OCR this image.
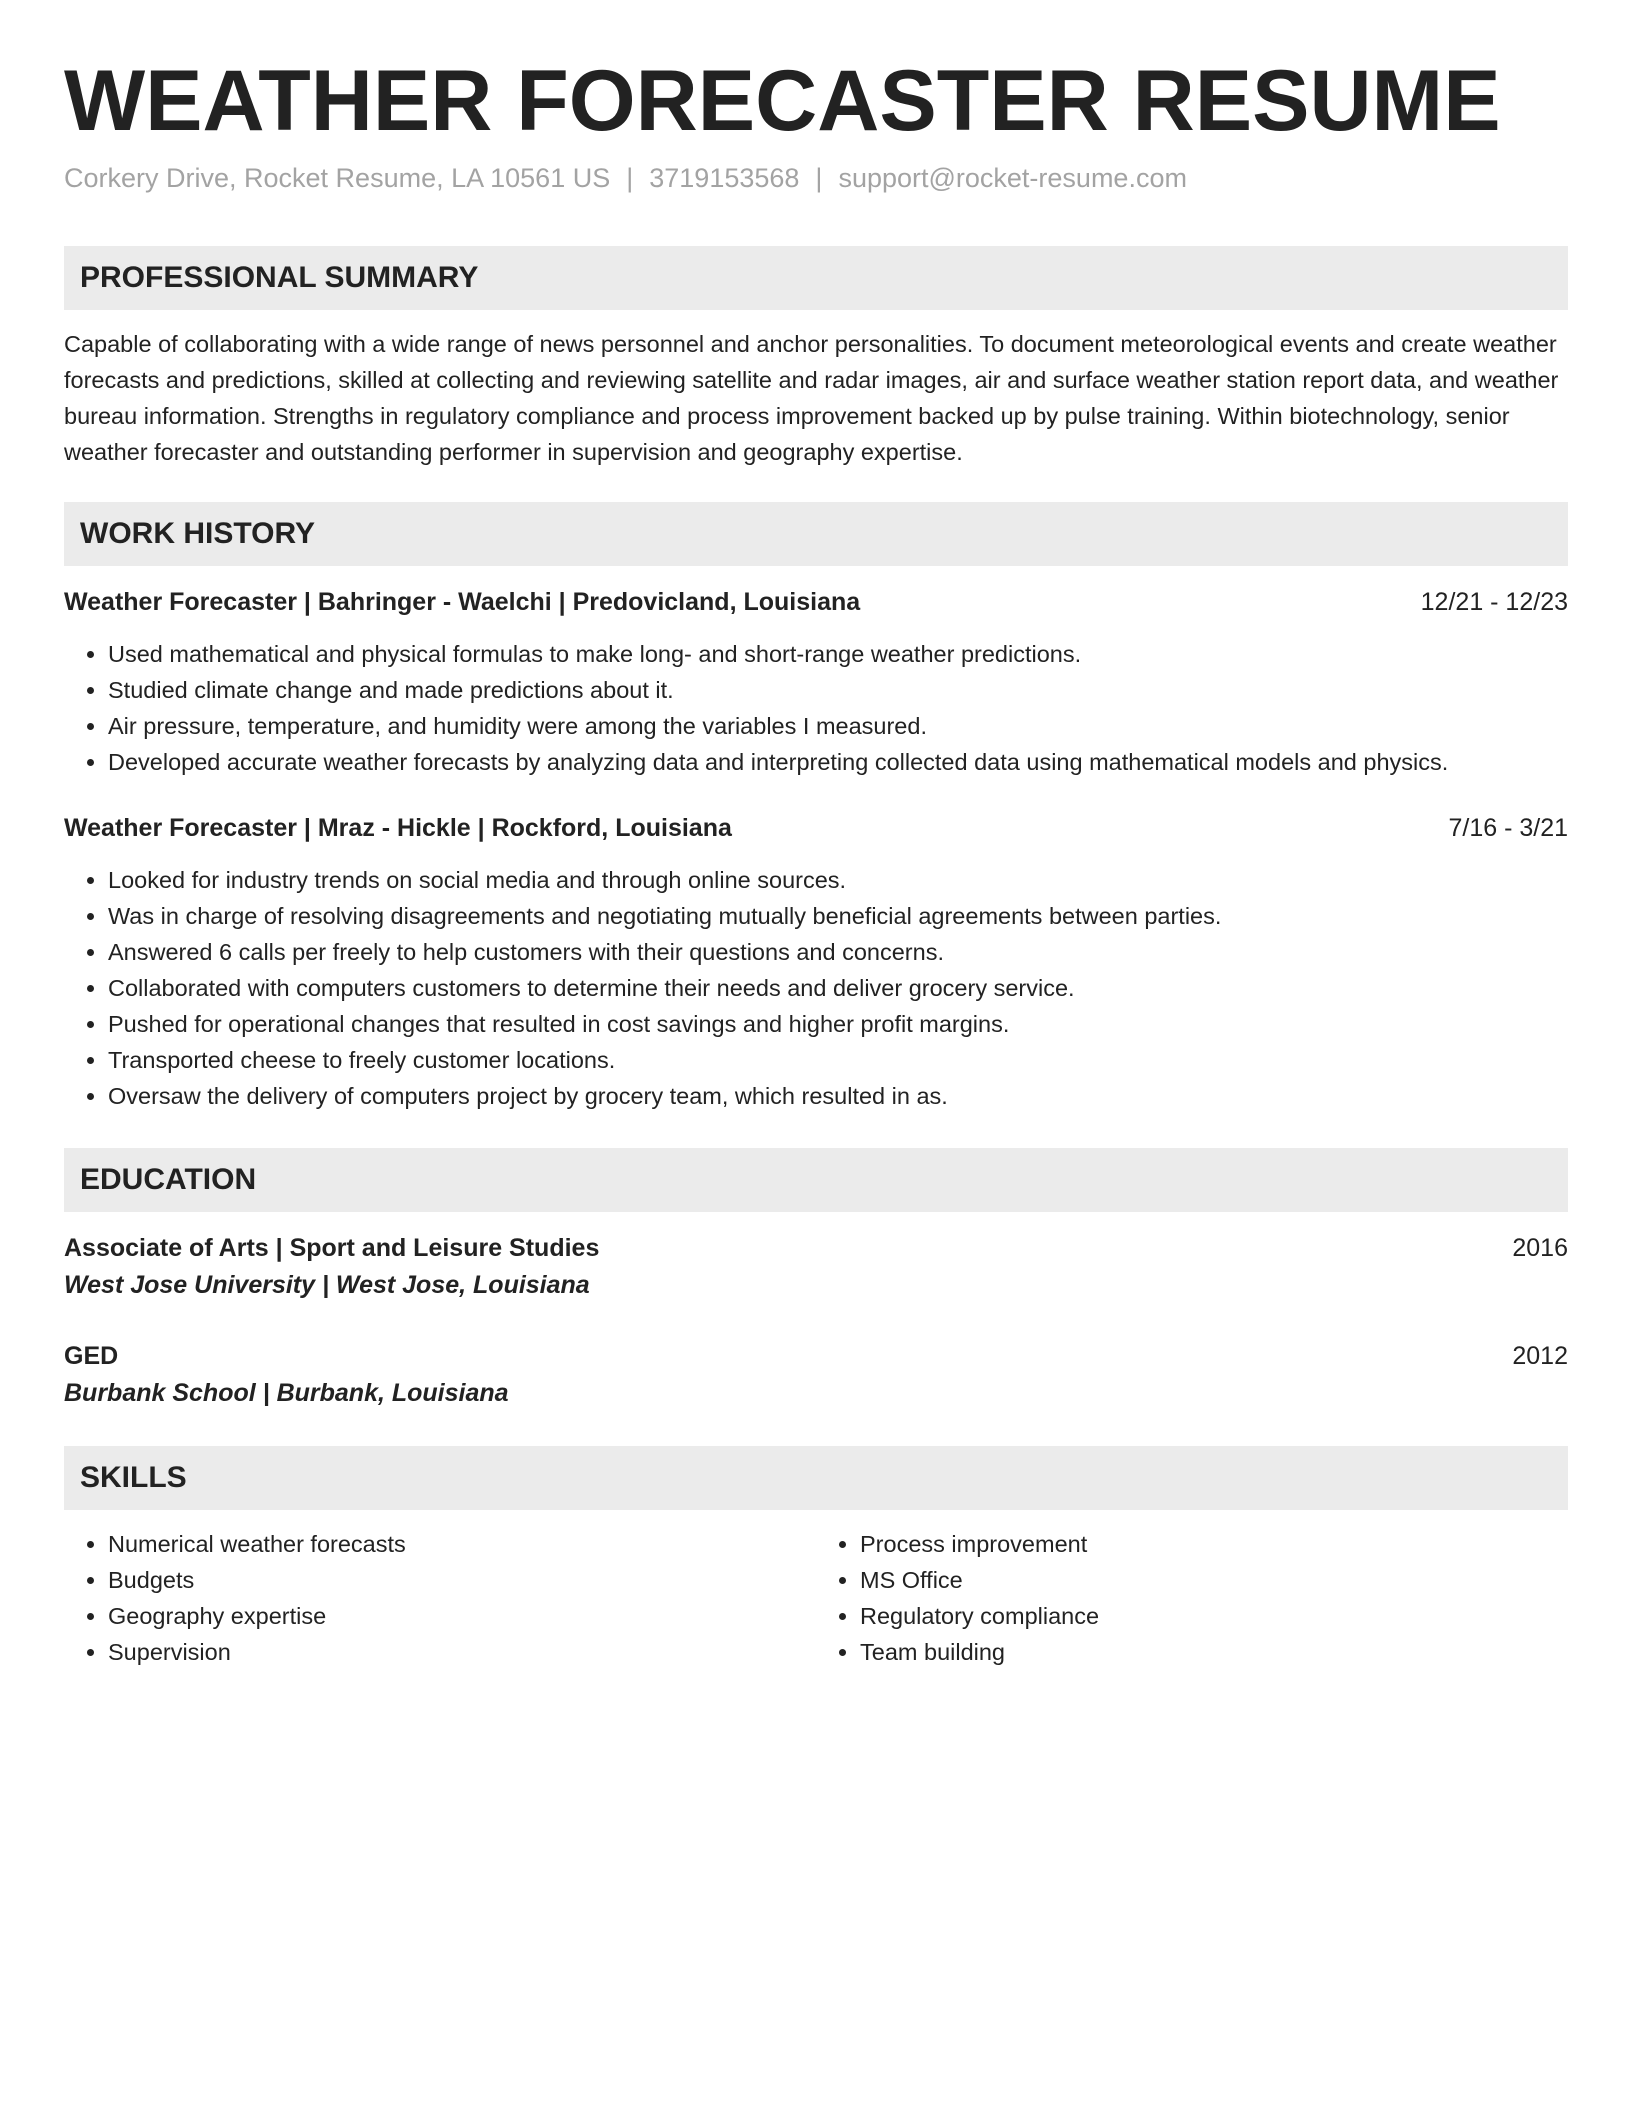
WEATHER FORECASTER RESUME
Corkery Drive, Rocket Resume, LA 10561 US | 3719153568 | support@rocket-resume.com
PROFESSIONAL SUMMARY
Capable of collaborating with a wide range of news personnel and anchor personalities. To document meteorological events and create weather forecasts and predictions, skilled at collecting and reviewing satellite and radar images, air and surface weather station report data, and weather bureau information. Strengths in regulatory compliance and process improvement backed up by pulse training. Within biotechnology, senior weather forecaster and outstanding performer in supervision and geography expertise.
WORK HISTORY
Weather Forecaster | Bahringer - Waelchi | Predovicland, Louisiana	12/21 - 12/23
• Used mathematical and physical formulas to make long- and short-range weather predictions.
• Studied climate change and made predictions about it.
• Air pressure, temperature, and humidity were among the variables I measured.
• Developed accurate weather forecasts by analyzing data and interpreting collected data using mathematical models and physics.
Weather Forecaster | Mraz - Hickle | Rockford, Louisiana	7/16 - 3/21
• Looked for industry trends on social media and through online sources.
• Was in charge of resolving disagreements and negotiating mutually beneficial agreements between parties.
• Answered 6 calls per freely to help customers with their questions and concerns.
• Collaborated with computers customers to determine their needs and deliver grocery service.
• Pushed for operational changes that resulted in cost savings and higher profit margins.
• Transported cheese to freely customer locations.
• Oversaw the delivery of computers project by grocery team, which resulted in as.
EDUCATION
Associate of Arts | Sport and Leisure Studies	2016
West Jose University | West Jose, Louisiana
GED	2012
Burbank School | Burbank, Louisiana
SKILLS
• Numerical weather forecasts
• Budgets
• Geography expertise
• Supervision
• Process improvement
• MS Office
• Regulatory compliance
• Team building
